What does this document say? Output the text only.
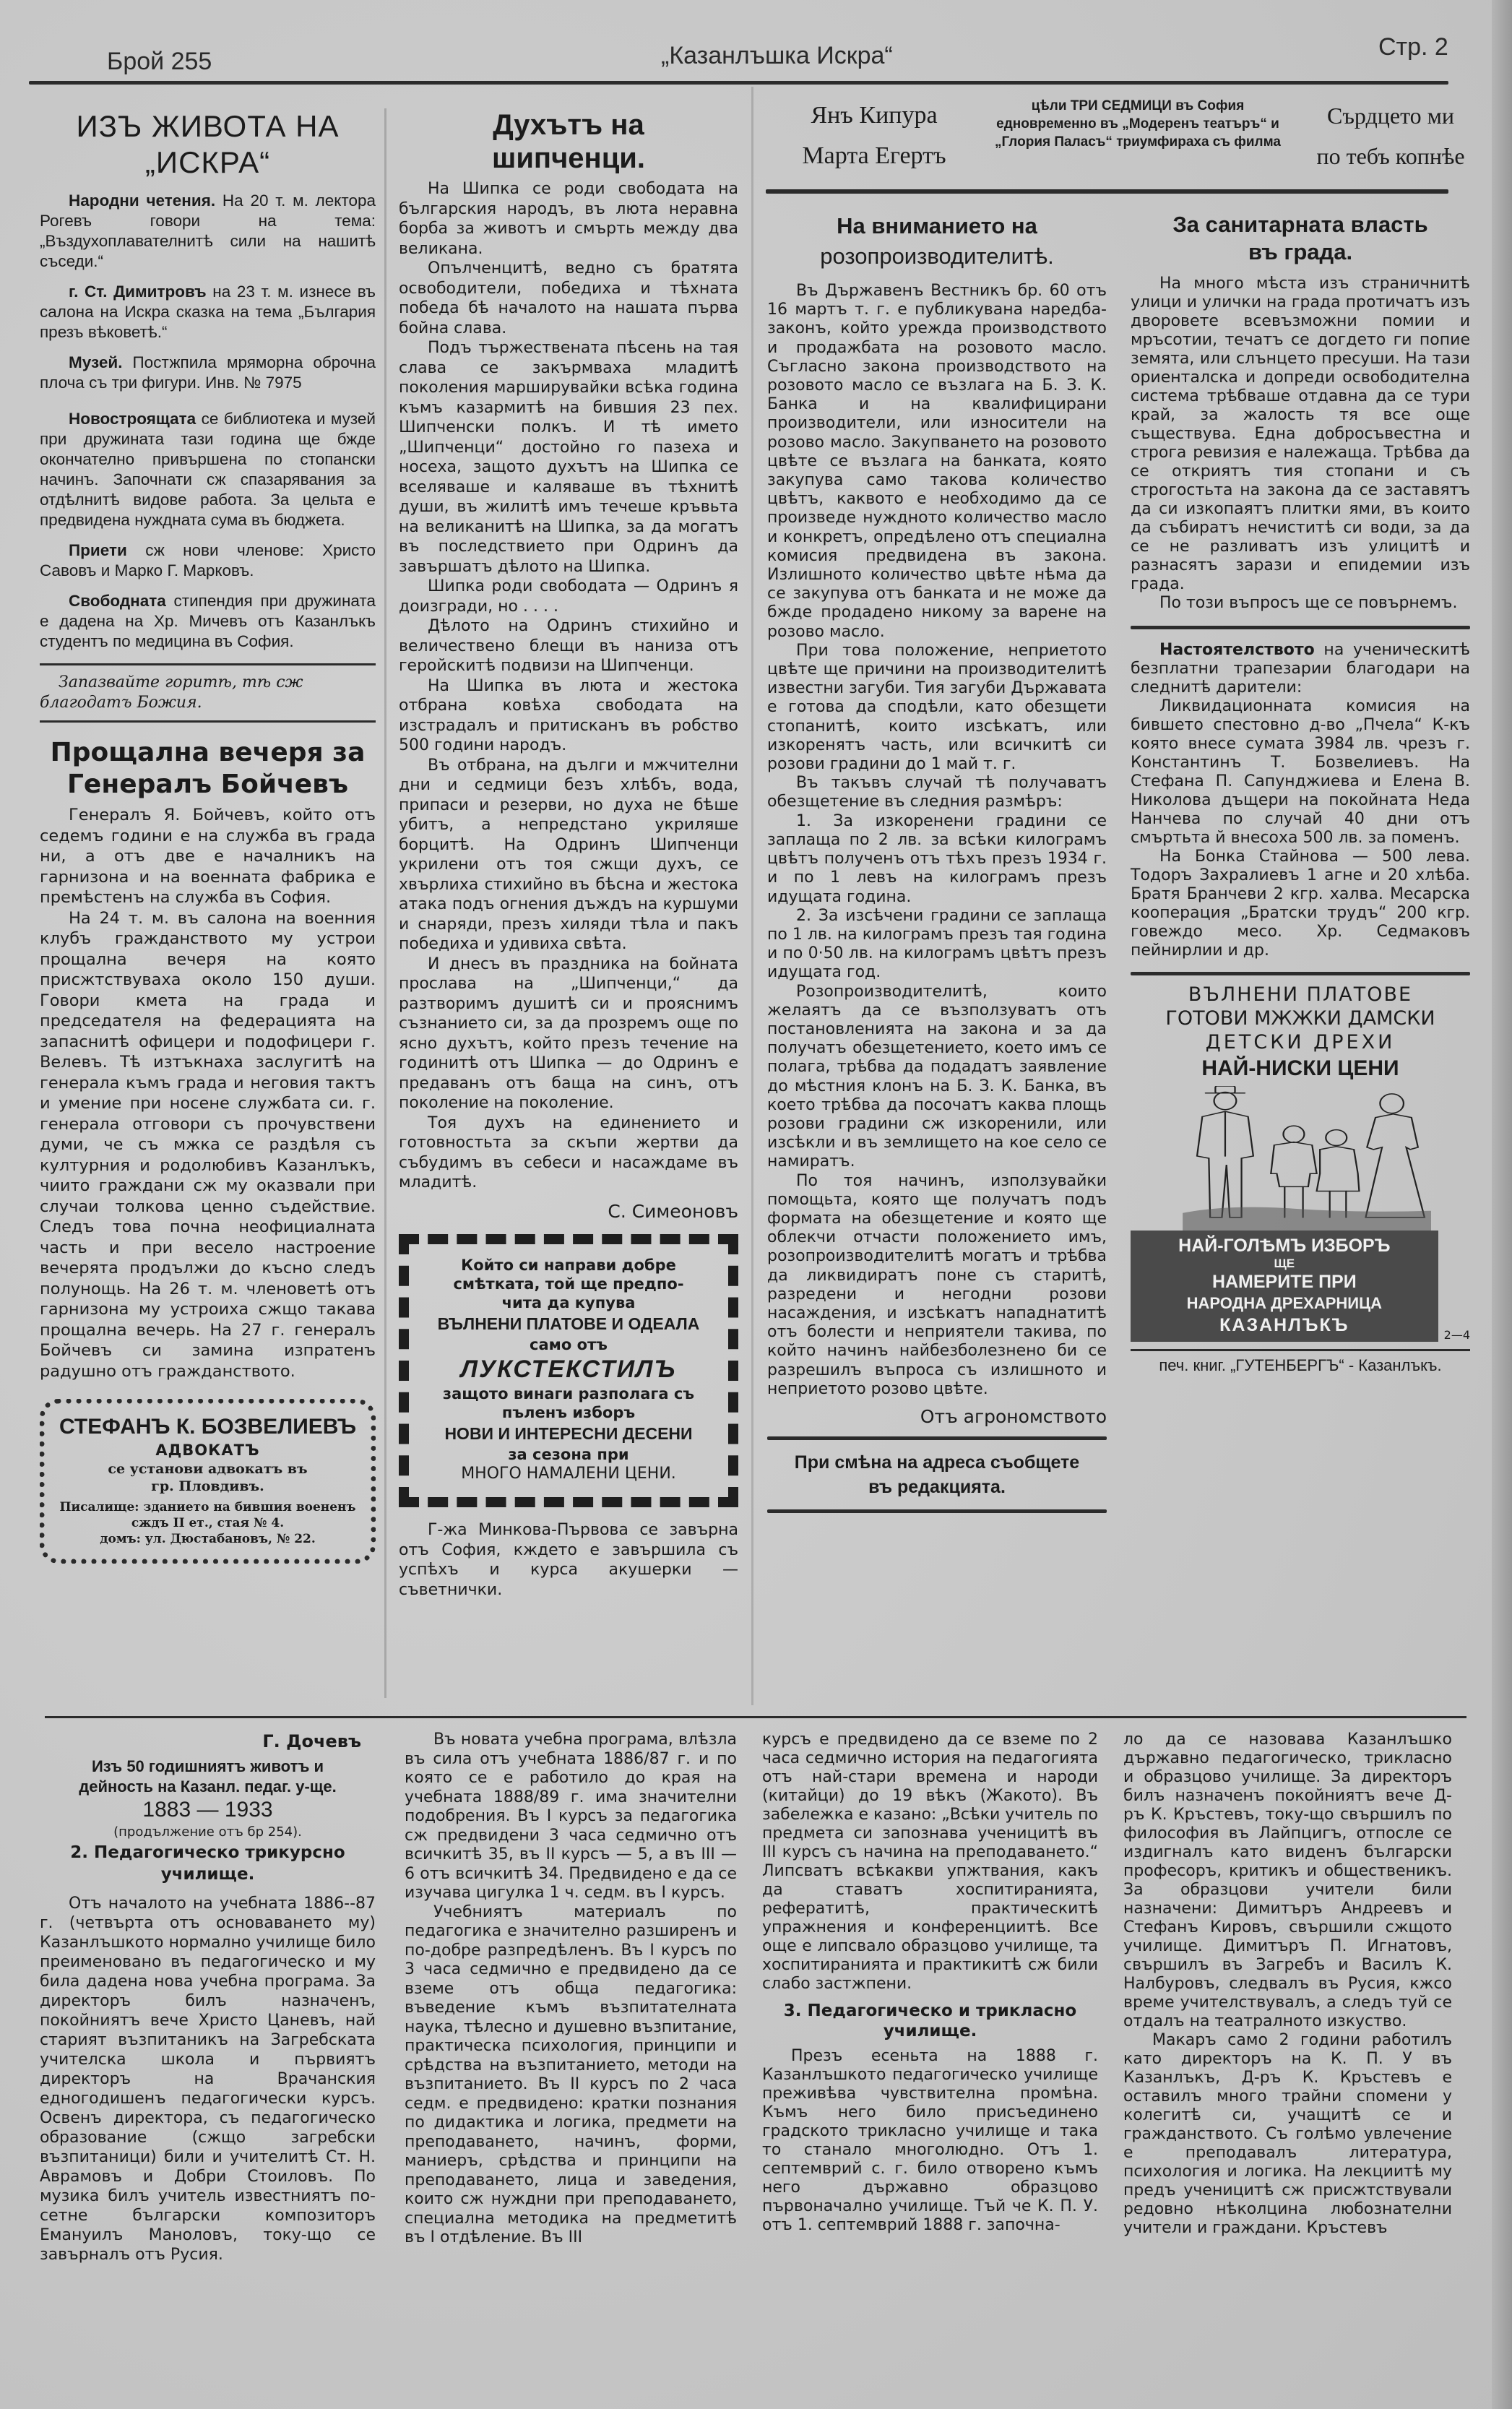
Брой 255	„Казанлъшка Искра“	Стр. 2
ИЗЪ ЖИВОТА НА
„ИСКРА“

Народни четения. На 20 т. м. лектора Рогевъ говори на тема: „Въздухоплавателнитѣ сили на нашитѣ съседи.“

г. Ст. Димитровъ на 23 т. м. изнесе въ салона на Искра сказка на тема „България презъ вѣковетѣ.“

Музей. Постжпила мряморна оброчна плоча съ три фигури. Инв. № 7975

Новостроящата се библиотека и музей при дружината тази година ще бжде окончателно привършена по стопански начинъ. Започнати сж спазарявания за отдѣлнитѣ видове работа. За цельта е предвидена нуждната сума въ бюджета.

Приети сж нови членове: Христо Савовъ и Марко Г. Марковъ.

Свободната стипендия при дружината е дадена на Хр. Мичевъ отъ Казанлъкъ студентъ по медицина въ София.

Запазвайте горитѣ, тѣ сж благодатъ Божия.
Прощална вечеря за Генералъ Бойчевъ

Генералъ Я. Бойчевъ, който отъ седемъ години е на служба въ града ни, а отъ две е началникъ на гарнизона и на военната фабрика е премѣстенъ на служба въ София.

На 24 т. м. въ салона на военния клубъ гражданството му устрои прощална вечеря на която присжтствуваха около 150 души. Говори кмета на града и председателя на федерацията на запаснитѣ офицери и подофицери г. Велевъ. Тѣ изтъкнаха заслугитѣ на генерала къмъ града и неговия тактъ и умение при носене службата си. г. генерала отговори съ прочувствени думи, че съ мжка се раздѣля съ културния и родолюбивъ Казанлъкъ, чиито граждани сж му оказвали при случаи толкова ценно съдействие. Следъ това почна неофициалната часть и при весело настроение вечерята продължи до късно следъ полунощь. На 26 т. м. членоветѣ отъ гарнизона му устроиха сжщо такава прощална вечерь. На 27 г. генералъ Бойчевъ си замина изпратенъ радушно отъ гражданството.

СТЕФАНЪ К. БОЗВЕЛИЕВЪ
АДВОКАТЪ
се установи адвокатъ въ
гр. Пловдивъ.
Писалище: зданието на бившия воененъ сждъ II ет., стая № 4.
домъ: ул. Дюстабановъ, № 22.
Духътъ на
шипченци.

На Шипка се роди свободата на българския народъ, въ люта неравна борба за животъ и смърть между два великана.

Опълченцитѣ, ведно съ братята освободители, победиха и тѣхната победа бѣ началото на нашата първа бойна слава.

Подъ тържествената пѣсень на тая слава се закърмваха младитѣ поколения марширувайки всѣка година къмъ казармитѣ на бившия 23 пех. Шипченски полкъ. И тѣ името „Шипченци“ достойно го пазеха и носеха, защото духътъ на Шипка се вселяваше и каляваше въ тѣхнитѣ души, въ жилитѣ имъ течеше кръвьта на великанитѣ на Шипка, за да могатъ въ последствието при Одринъ да завършатъ дѣлото на Шипка.

Шипка роди свободата — Одринъ я доизгради, но . . . .

Дѣлото на Одринъ стихийно и величествено блещи въ наниза отъ геройскитѣ подвизи на Шипченци.

На Шипка въ люта и жестока отбрана ковѣха свободата на изстрадалъ и притисканъ въ робство 500 години народъ.

Въ отбрана, на дълги и мжчителни дни и седмици безъ хлѣбъ, вода, припаси и резерви, но духа не бѣше убитъ, а непредстано укриляше борцитѣ. На Одринъ Шипченци укрилени отъ тоя сжщи духъ, се хвърлиха стихийно въ бѣсна и жестока атака подъ огнения дъждъ на куршуми и снаряди, презъ хиляди тѣла и пакъ победиха и удивиха свѣта.

И днесъ въ праздника на бойната прослава на „Шипченци,“ да разтворимъ душитѣ си и прояснимъ съзнанието си, за да прозремъ още по ясно духътъ, който презъ течение на годинитѣ отъ Шипка — до Одринъ е предаванъ отъ баща на синъ, отъ поколение на поколение.

Тоя духъ на единението и готовностьта за скъпи жертви да събудимъ въ себеси и насаждаме въ младитѣ.

С. Симеоновъ
Който си направи добре
смѣтката, той ще предпо-
чита да купува
ВЪЛНЕНИ ПЛАТОВЕ И ОДЕАЛА
само отъ
ЛУКСТЕКСТИЛЪ
защото винаги разполага съ
пъленъ изборъ
НОВИ И ИНТЕРЕСНИ ДЕСЕНИ
за сезона при
МНОГО НАМАЛЕНИ ЦЕНИ.
Г-жа Минкова-Първова се завърна отъ София, кждето е завършила съ успѣхъ и курса акушерки — съветнички.
Янъ Кипура
Марта Егертъ
цѣли ТРИ СЕДМИЦИ въ София едновременно въ „Модеренъ театъръ“ и „Глория Паласъ“ триумфираха съ филма
Сърдцето ми
по тебъ копнѣе
На вниманието на
розопроизводителитѣ.

Въ Държавенъ Вестникъ бр. 60 отъ 16 мартъ т. г. е публикувана наредба-законъ, който урежда производството и продажбата на розовото масло. Съгласно закона производството на розовото масло се възлага на Б. З. К. Банка и на квалифицирани производители, или износители на розово масло. Закупването на розовото цвѣте се възлага на банката, която закупува само такова количество цвѣтъ, каквото е необходимо да се произведе нуждното количество масло и конкретъ, опредѣлено отъ специална комисия предвидена въ закона. Излишното количество цвѣте нѣма да се закупува отъ банката и не може да бжде продадено никому за варене на розово масло.

При това положение, неприетото цвѣте ще причини на производителитѣ известни загуби. Тия загуби Държавата е готова да сподѣли, като обезщети стопанитѣ, които изсѣкатъ, или изкоренятъ часть, или всичкитѣ си розови градини до 1 май т. г.

Въ такъвъ случай тѣ получаватъ обезщетение въ следния размѣръ:

1. За изкоренени градини се заплаща по 2 лв. за всѣки килограмъ цвѣтъ полученъ отъ тѣхъ презъ 1934 г. и по 1 левъ на килограмъ презъ идущата година.

2. За изсѣчени градини се заплаща по 1 лв. на килограмъ презъ тая година и по 0·50 лв. на килограмъ цвѣтъ презъ идущата год.

Розопроизводителитѣ, които желаятъ да се възползуватъ отъ постановленията на закона и за да получатъ обезщетението, което имъ се полага, трѣбва да подадатъ заявление до мѣстния клонъ на Б. З. К. Банка, въ което трѣбва да посочатъ каква площь розови градини сж изкоренили, или изсѣкли и въ землището на кое село се намиратъ.

По тоя начинъ, използувайки помощьта, която ще получатъ подъ формата на обезщетение и която ще облекчи отчасти положението имъ, розопроизводителитѣ могатъ и трѣбва да ликвидиратъ поне съ старитѣ, разредени и негодни розови насаждения, и изсѣкатъ нападнатитѣ отъ болести и неприятели такива, по който начинъ найбезболезнено би се разрешилъ въпроса съ излишното и неприетото розово цвѣте.

Отъ агрономството
При смѣна на адреса съобщете
въ редакцията.
За санитарната власть
въ града.

На много мѣста изъ страничнитѣ улици и улички на града протичатъ изъ дворовете всевъзможни помии и мръсотии, течатъ се догдето ги попие земята, или слънцето пресуши. На тази ориенталска и допреди освободителна система трѣбваше отдавна да се тури край, за жалость тя все още съществува. Една добросъвестна и строга ревизия е належаща. Трѣбва да се откриятъ тия стопани и съ строгостьта на закона да се заставятъ да си изкопаятъ плитки ями, въ които да събиратъ нечиститѣ си води, за да се не разливатъ изъ улицитѣ и разнасятъ зарази и епидемии изъ града.

По този въпросъ ще се повърнемъ.

Настоятелството на ученическитѣ безплатни трапезарии благодари на следнитѣ дарители:

Ликвидационната комисия на бившето спестовно д-во „Пчела“ К-къ която внесе сумата 3984 лв. чрезъ г. Константинъ Т. Бозвелиевъ. На Стефана П. Сапунджиева и Елена В. Николова дъщери на покойната Неда Нанчева по случай 40 дни отъ смъртьта й внесоха 500 лв. за поменъ.

На Бонка Стайнова — 500 лева. Тодоръ Захралиевъ 1 агне и 20 хлѣба. Братя Бранчеви 2 кгр. халва. Месарска кооперация „Братски трудъ“ 200 кгр. говеждо месо. Хр. Седмаковъ пейнирлии и др.

ВЪЛНЕНИ ПЛАТОВЕ
ГОТОВИ МЖЖКИ ДАМСКИ
ДЕТСКИ ДРЕХИ
НАЙ-НИСКИ ЦЕНИ
НАЙ-ГОЛѢМЪ ИЗБОРЪ
ЩЕ
НАМЕРИТЕ ПРИ
НАРОДНА ДРЕХАРНИЦА
КАЗАНЛЪКЪ	2—4
печ. книг. „ГУТЕНБЕРГЪ“ - Казанлъкъ.
Г. Дочевъ
Изъ 50 годишниятъ животъ и
дейность на Казанл. педаг. у-ще.
1883 — 1933
(продължение отъ бр 254).
2. Педагогическо трикурсно училище.

Отъ началото на учебната 1886--87 г. (четвърта отъ основаването му) Казанлъшкото нормално училище било преименовано въ педагогическо и му била дадена нова учебна програма. За директоръ билъ назначенъ, покойниятъ вече Христо Цаневъ, най старият възпитаникъ на Загребската учителска школа и първиятъ директоръ на Врачанския едногодишенъ педагогически курсъ. Освенъ директора, съ педагогическо образование (сжщо загребски възпитаници) били и учителитѣ Ст. Н. Аврамовъ и Добри Стоиловъ. По музика билъ учитель известниятъ по-сетне български композиторъ Емануилъ Маноловъ, току-що се завърналъ отъ Русия.

Въ новата учебна програма, влѣзла въ сила отъ учебната 1886/87 г. и по която се е работило до края на учебната 1888/89 г. има значителни подобрения. Въ I курсъ за педагогика сж предвидени 3 часа седмично отъ всичкитѣ 35, въ II курсъ — 5, а въ III — 6 отъ всичкитѣ 34. Предвидено е да се изучава цигулка 1 ч. седм. въ I курсъ.

Учебниятъ материалъ по педагогика е значително разширенъ и по-добре разпредѣленъ. Въ I курсъ по 3 часа седмично е предвидено да се вземе отъ обща педагогика: въведение къмъ възпитателната наука, тѣлесно и душевно възпитание, практическа психология, принципи и срѣдства на възпитанието, методи на възпитанието. Въ II курсъ по 2 часа седм. е предвидено: кратки познания по дидактика и логика, предмети на преподаването, начинъ, форми, маниеръ, срѣдства и принципи на преподаването, лица и заведения, които сж нуждни при преподаването, специална методика на предметитѣ въ I отдѣление. Въ III

курсъ е предвидено да се вземе по 2 часа седмично история на педагогията отъ най-стари времена и народи (китайци) до 19 вѣкъ (Жакото). Въ забележка е казано: „Всѣки учитель по предмета си запознава ученицитѣ въ III курсъ съ начина на преподаването.“ Липсватъ всѣкакви упжтвания, какъ да ставатъ хоспитиранията, рефератитѣ, практическитѣ упражнения и конференциитѣ. Все още е липсвало образцово училище, та хоспитиранията и практикитѣ сж били слабо застжпени.

3. Педагогическо и трикласно училище.

Презъ есеньта на 1888 г. Казанлъшкото педагогическо училище преживѣва чувствителна промѣна. Къмъ него било присъединено градското трикласно училище и така то станало многолюдно. Отъ 1. септемврий с. г. било отворено къмъ него държавно образцово първоначално училище. Тъй че К. П. У. отъ 1. септемврий 1888 г. започна-

ло да се назовава Казанлъшко държавно педагогическо, трикласно и образцово училище. За директоръ билъ назначенъ покойниятъ вече Д-ръ К. Кръстевъ, току-що свършилъ по философия въ Лайпцигъ, отпосле се издигналъ като виденъ български професоръ, критикъ и общественикъ. За образцови учители били назначени: Димитъръ Андреевъ и Стефанъ Кировъ, свършили сжщото училище. Димитъръ П. Игнатовъ, свършилъ въ Загребъ и Василъ К. Налбуровъ, следвалъ въ Русия, кжсо време учителствувалъ, а следъ туй се отдалъ на театралното изкуство.

Макаръ само 2 години работилъ като директоръ на К. П. У въ Казанлъкъ, Д-ръ К. Кръстевъ е оставилъ много трайни спомени у колегитѣ си, учащитѣ се и гражданството. Съ голѣмо увлечение е преподавалъ литература, психология и логика. На лекциитѣ му предъ ученицитѣ сж присжтствували редовно нѣколцина любознателни учители и граждани. Кръстевъ
